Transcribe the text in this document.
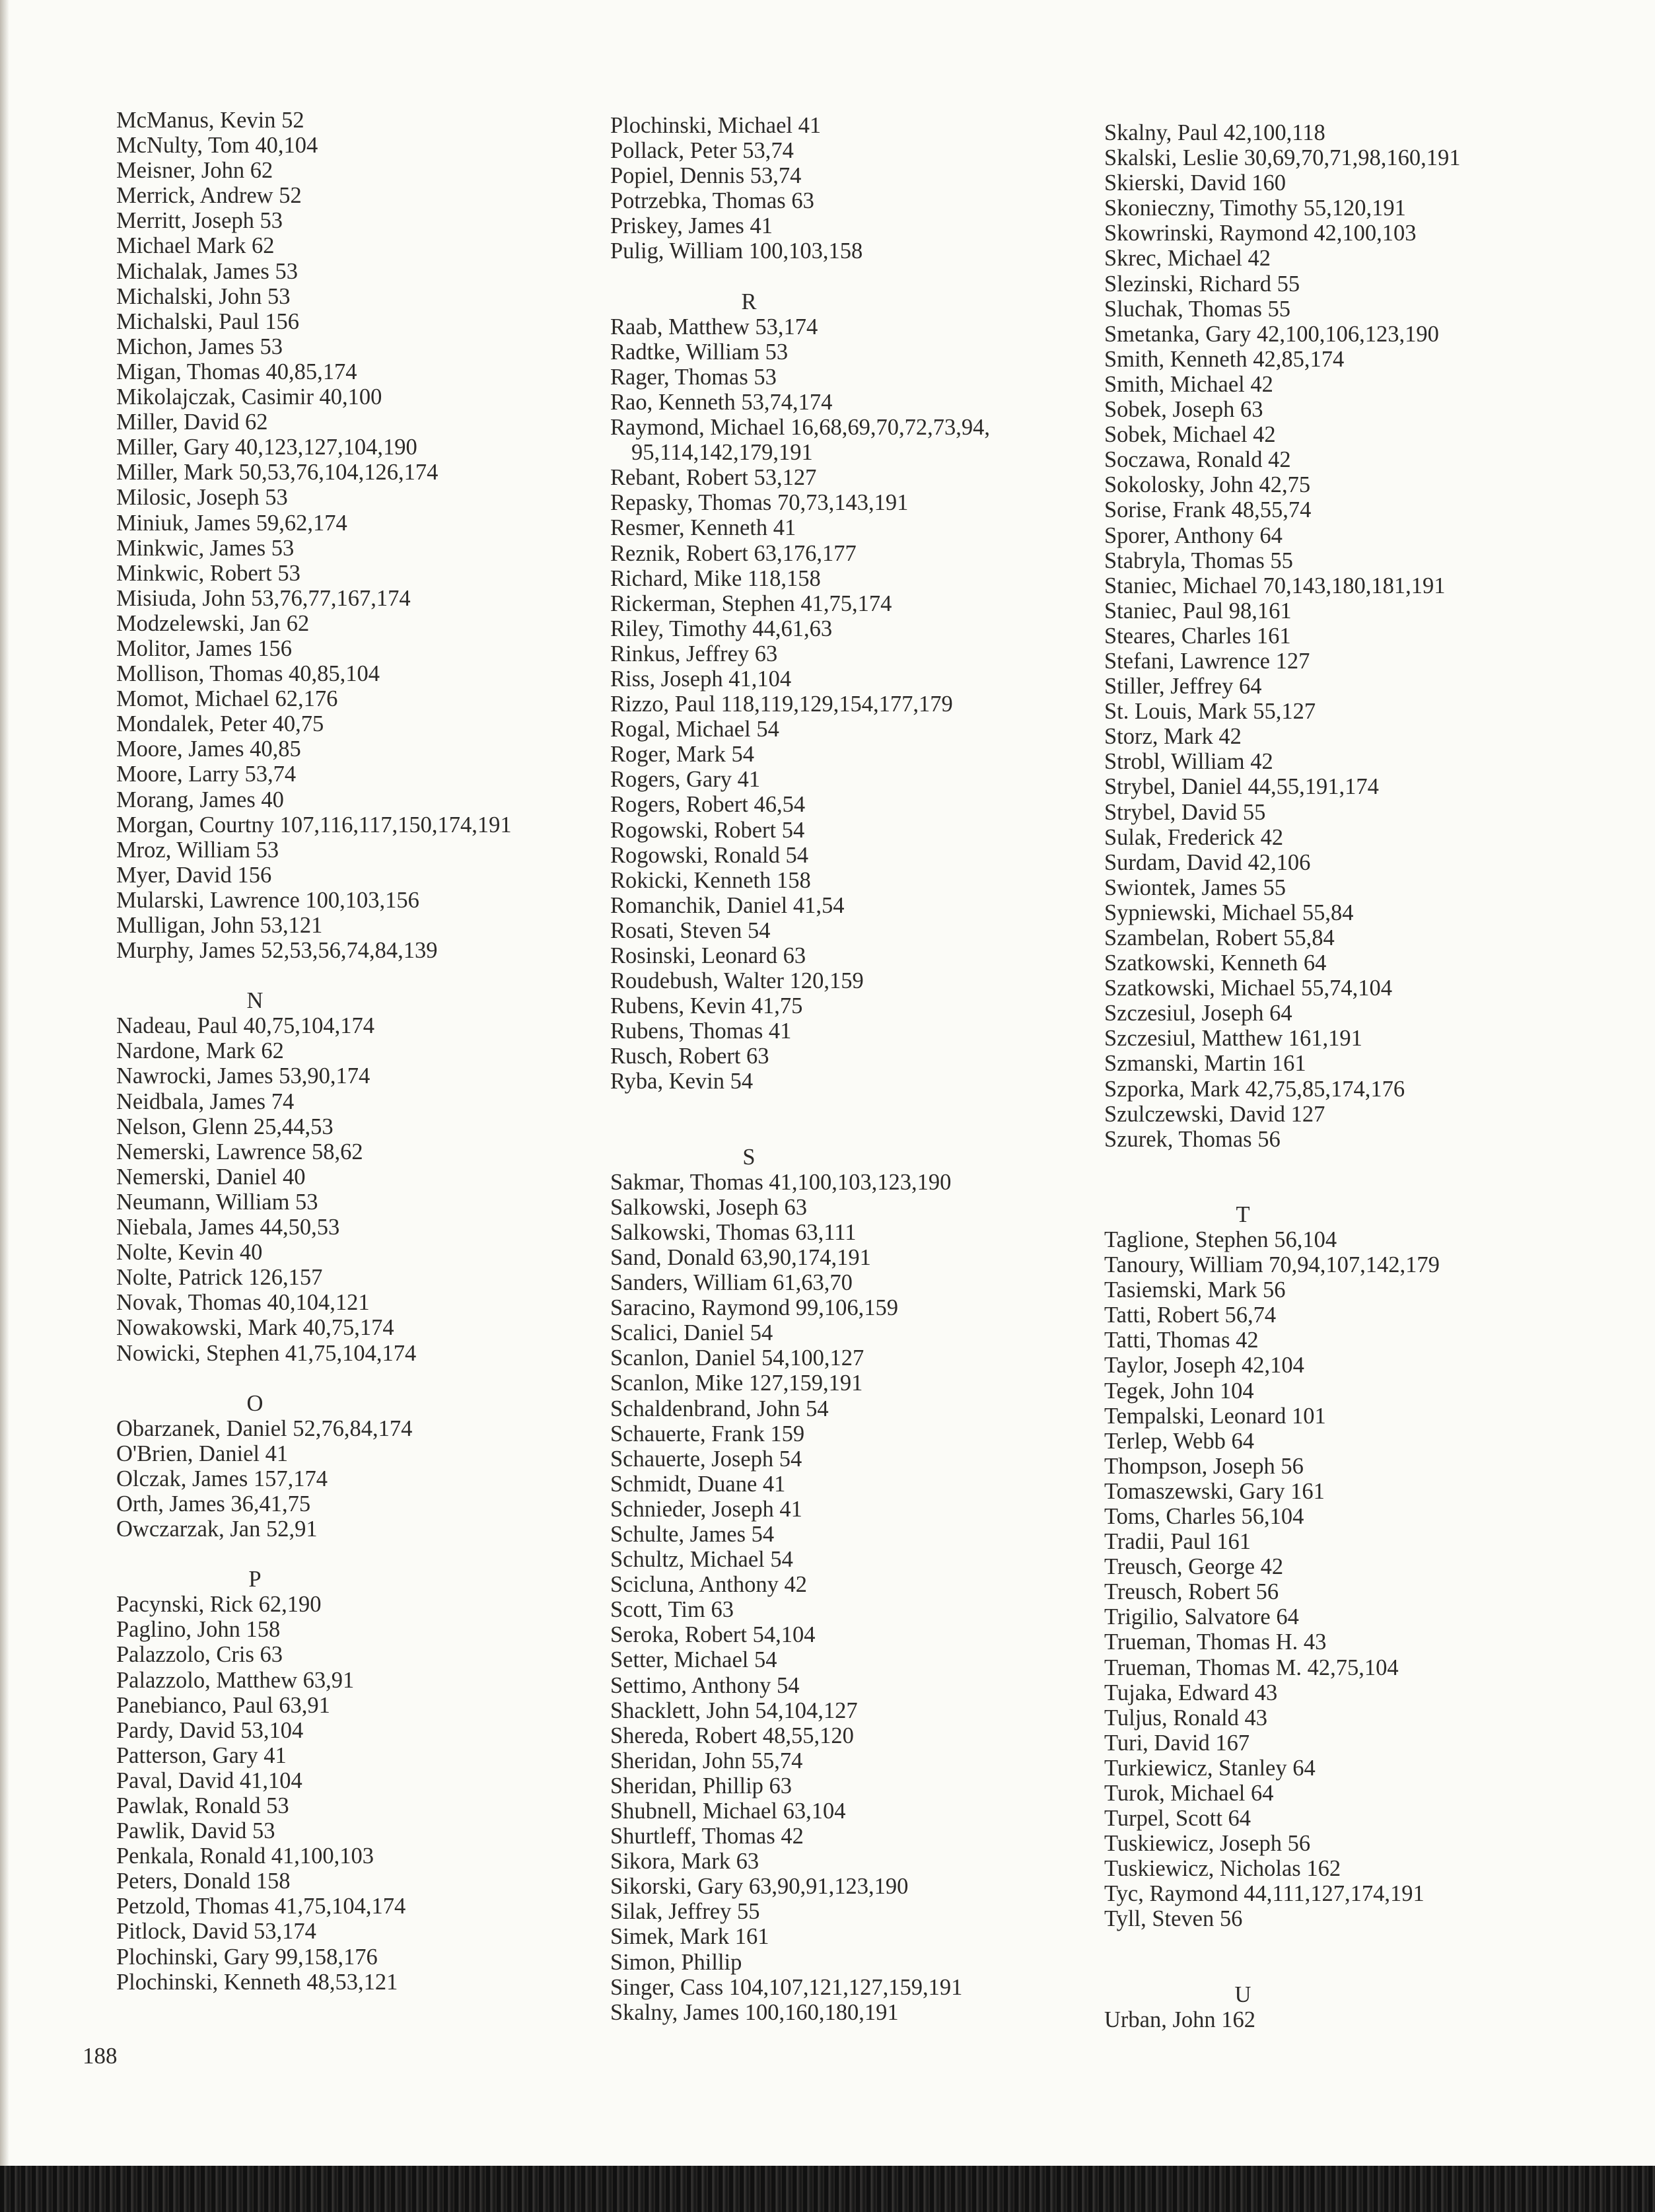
McManus, Kevin 52
McNulty, Tom 40,104
Meisner, John 62
Merrick, Andrew 52
Merritt, Joseph 53
Michael Mark 62
Michalak, James 53
Michalski, John 53
Michalski, Paul 156
Michon, James 53
Migan, Thomas 40,85,174
Mikolajczak, Casimir 40,100
Miller, David 62
Miller, Gary 40,123,127,104,190
Miller, Mark 50,53,76,104,126,174
Milosic, Joseph 53
Miniuk, James 59,62,174
Minkwic, James 53
Minkwic, Robert 53
Misiuda, John 53,76,77,167,174
Modzelewski, Jan 62
Molitor, James 156
Mollison, Thomas 40,85,104
Momot, Michael 62,176
Mondalek, Peter 40,75
Moore, James 40,85
Moore, Larry 53,74
Morang, James 40
Morgan, Courtny 107,116,117,150,174,191
Mroz, William 53
Myer, David 156
Mularski, Lawrence 100,103,156
Mulligan, John 53,121
Murphy, James 52,53,56,74,84,139
N
Nadeau, Paul 40,75,104,174
Nardone, Mark 62
Nawrocki, James 53,90,174
Neidbala, James 74
Nelson, Glenn 25,44,53
Nemerski, Lawrence 58,62
Nemerski, Daniel 40
Neumann, William 53
Niebala, James 44,50,53
Nolte, Kevin 40
Nolte, Patrick 126,157
Novak, Thomas 40,104,121
Nowakowski, Mark 40,75,174
Nowicki, Stephen 41,75,104,174
O
Obarzanek, Daniel 52,76,84,174
O'Brien, Daniel 41
Olczak, James 157,174
Orth, James 36,41,75
Owczarzak, Jan 52,91
P
Pacynski, Rick 62,190
Paglino, John 158
Palazzolo, Cris 63
Palazzolo, Matthew 63,91
Panebianco, Paul 63,91
Pardy, David 53,104
Patterson, Gary 41
Paval, David 41,104
Pawlak, Ronald 53
Pawlik, David 53
Penkala, Ronald 41,100,103
Peters, Donald 158
Petzold, Thomas 41,75,104,174
Pitlock, David 53,174
Plochinski, Gary 99,158,176
Plochinski, Kenneth 48,53,121
Plochinski, Michael 41
Pollack, Peter 53,74
Popiel, Dennis 53,74
Potrzebka, Thomas 63
Priskey, James 41
Pulig, William 100,103,158
R
Raab, Matthew 53,174
Radtke, William 53
Rager, Thomas 53
Rao, Kenneth 53,74,174
Raymond, Michael 16,68,69,70,72,73,94,
95,114,142,179,191
Rebant, Robert 53,127
Repasky, Thomas 70,73,143,191
Resmer, Kenneth 41
Reznik, Robert 63,176,177
Richard, Mike 118,158
Rickerman, Stephen 41,75,174
Riley, Timothy 44,61,63
Rinkus, Jeffrey 63
Riss, Joseph 41,104
Rizzo, Paul 118,119,129,154,177,179
Rogal, Michael 54
Roger, Mark 54
Rogers, Gary 41
Rogers, Robert 46,54
Rogowski, Robert 54
Rogowski, Ronald 54
Rokicki, Kenneth 158
Romanchik, Daniel 41,54
Rosati, Steven 54
Rosinski, Leonard 63
Roudebush, Walter 120,159
Rubens, Kevin 41,75
Rubens, Thomas 41
Rusch, Robert 63
Ryba, Kevin 54
S
Sakmar, Thomas 41,100,103,123,190
Salkowski, Joseph 63
Salkowski, Thomas 63,111
Sand, Donald 63,90,174,191
Sanders, William 61,63,70
Saracino, Raymond 99,106,159
Scalici, Daniel 54
Scanlon, Daniel 54,100,127
Scanlon, Mike 127,159,191
Schaldenbrand, John 54
Schauerte, Frank 159
Schauerte, Joseph 54
Schmidt, Duane 41
Schnieder, Joseph 41
Schulte, James 54
Schultz, Michael 54
Scicluna, Anthony 42
Scott, Tim 63
Seroka, Robert 54,104
Setter, Michael 54
Settimo, Anthony 54
Shacklett, John 54,104,127
Shereda, Robert 48,55,120
Sheridan, John 55,74
Sheridan, Phillip 63
Shubnell, Michael 63,104
Shurtleff, Thomas 42
Sikora, Mark 63
Sikorski, Gary 63,90,91,123,190
Silak, Jeffrey 55
Simek, Mark 161
Simon, Phillip
Singer, Cass 104,107,121,127,159,191
Skalny, James 100,160,180,191
Skalny, Paul 42,100,118
Skalski, Leslie 30,69,70,71,98,160,191
Skierski, David 160
Skonieczny, Timothy 55,120,191
Skowrinski, Raymond 42,100,103
Skrec, Michael 42
Slezinski, Richard 55
Sluchak, Thomas 55
Smetanka, Gary 42,100,106,123,190
Smith, Kenneth 42,85,174
Smith, Michael 42
Sobek, Joseph 63
Sobek, Michael 42
Soczawa, Ronald 42
Sokolosky, John 42,75
Sorise, Frank 48,55,74
Sporer, Anthony 64
Stabryla, Thomas 55
Staniec, Michael 70,143,180,181,191
Staniec, Paul 98,161
Steares, Charles 161
Stefani, Lawrence 127
Stiller, Jeffrey 64
St. Louis, Mark 55,127
Storz, Mark 42
Strobl, William 42
Strybel, Daniel 44,55,191,174
Strybel, David 55
Sulak, Frederick 42
Surdam, David 42,106
Swiontek, James 55
Sypniewski, Michael 55,84
Szambelan, Robert 55,84
Szatkowski, Kenneth 64
Szatkowski, Michael 55,74,104
Szczesiul, Joseph 64
Szczesiul, Matthew 161,191
Szmanski, Martin 161
Szporka, Mark 42,75,85,174,176
Szulczewski, David 127
Szurek, Thomas 56
T
Taglione, Stephen 56,104
Tanoury, William 70,94,107,142,179
Tasiemski, Mark 56
Tatti, Robert 56,74
Tatti, Thomas 42
Taylor, Joseph 42,104
Tegek, John 104
Tempalski, Leonard 101
Terlep, Webb 64
Thompson, Joseph 56
Tomaszewski, Gary 161
Toms, Charles 56,104
Tradii, Paul 161
Treusch, George 42
Treusch, Robert 56
Trigilio, Salvatore 64
Trueman, Thomas H. 43
Trueman, Thomas M. 42,75,104
Tujaka, Edward 43
Tuljus, Ronald 43
Turi, David 167
Turkiewicz, Stanley 64
Turok, Michael 64
Turpel, Scott 64
Tuskiewicz, Joseph 56
Tuskiewicz, Nicholas 162
Tyc, Raymond 44,111,127,174,191
Tyll, Steven 56
U
Urban, John 162
188
